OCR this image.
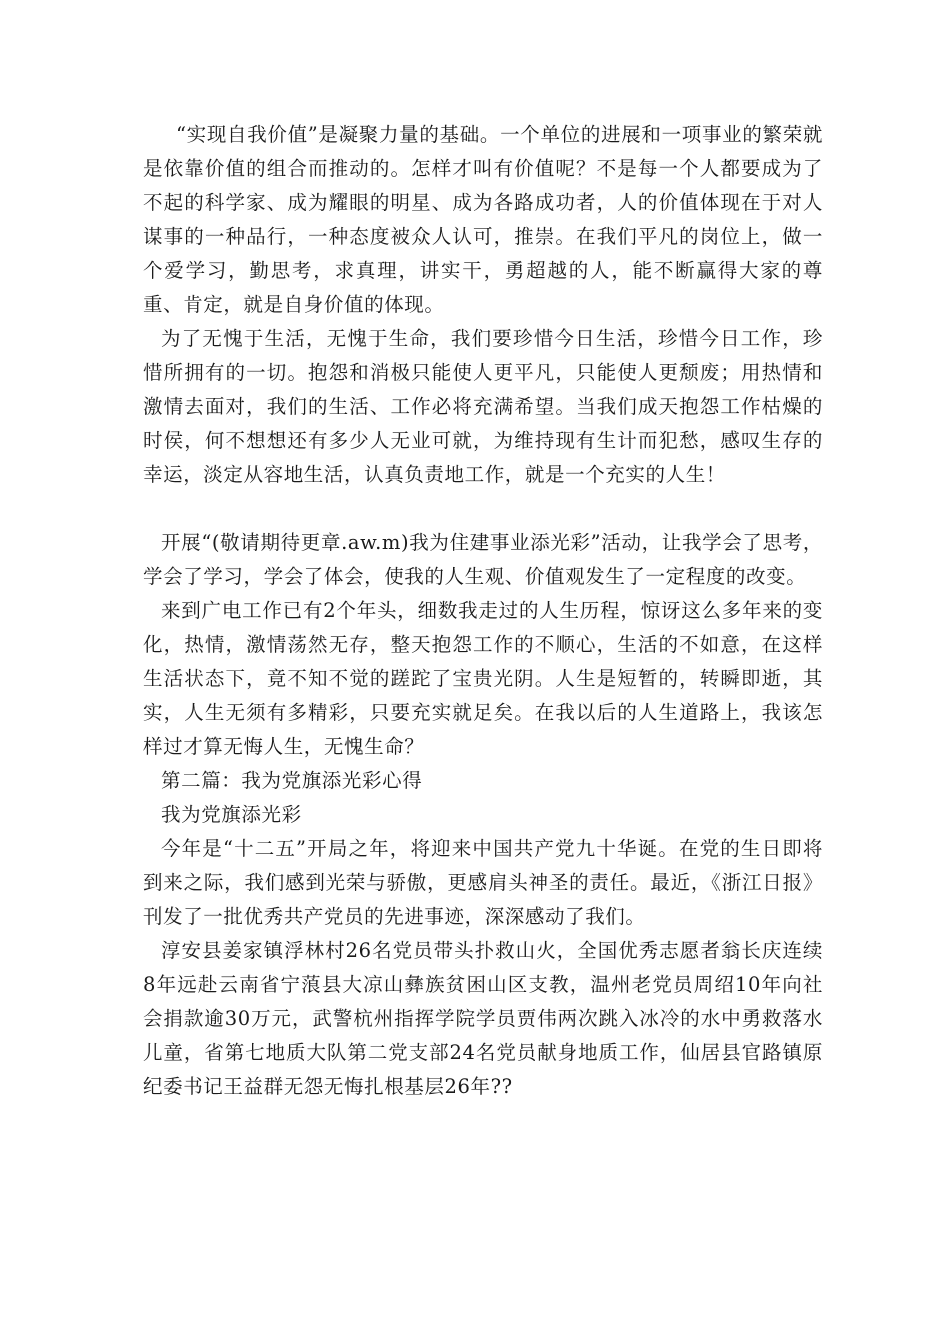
“实现自我价值”是凝聚力量的基础。一个单位的进展和一项事业的繁荣就是依靠价值的组合而推动的。怎样才叫有价值呢？不是每一个人都要成为了不起的科学家、成为耀眼的明星、成为各路成功者，人的价值体现在于对人谋事的一种品行，一种态度被众人认可，推崇。在我们平凡的岗位上，做一个爱学习，勤思考，求真理，讲实干，勇超越的人，能不断赢得大家的尊重、肯定，就是自身价值的体现。

为了无愧于生活，无愧于生命，我们要珍惜今日生活，珍惜今日工作，珍惜所拥有的一切。抱怨和消极只能使人更平凡，只能使人更颓废；用热情和激情去面对，我们的生活、工作必将充满希望。当我们成天抱怨工作枯燥的时侯，何不想想还有多少人无业可就，为维持现有生计而犯愁，感叹生存的幸运，淡定从容地生活，认真负责地工作，就是一个充实的人生！

开展“(敬请期待更章.aw.m)我为住建事业添光彩”活动，让我学会了思考，学会了学习，学会了体会，使我的人生观、价值观发生了一定程度的改变。

来到广电工作已有2个年头，细数我走过的人生历程，惊讶这么多年来的变化，热情，激情荡然无存，整天抱怨工作的不顺心，生活的不如意，在这样生活状态下，竟不知不觉的蹉跎了宝贵光阴。人生是短暂的，转瞬即逝，其实，人生无须有多精彩，只要充实就足矣。在我以后的人生道路上，我该怎样过才算无悔人生，无愧生命？

第二篇：我为党旗添光彩心得

我为党旗添光彩

今年是“十二五”开局之年，将迎来中国共产党九十华诞。在党的生日即将到来之际，我们感到光荣与骄傲，更感肩头神圣的责任。最近，《浙江日报》刊发了一批优秀共产党员的先进事迹，深深感动了我们。

淳安县姜家镇浮林村26名党员带头扑救山火，全国优秀志愿者翁长庆连续8年远赴云南省宁蒗县大凉山彝族贫困山区支教，温州老党员周绍10年向社会捐款逾30万元，武警杭州指挥学院学员贾伟两次跳入冰冷的水中勇救落水儿童，省第七地质大队第二党支部24名党员献身地质工作，仙居县官路镇原纪委书记王益群无怨无悔扎根基层26年??
